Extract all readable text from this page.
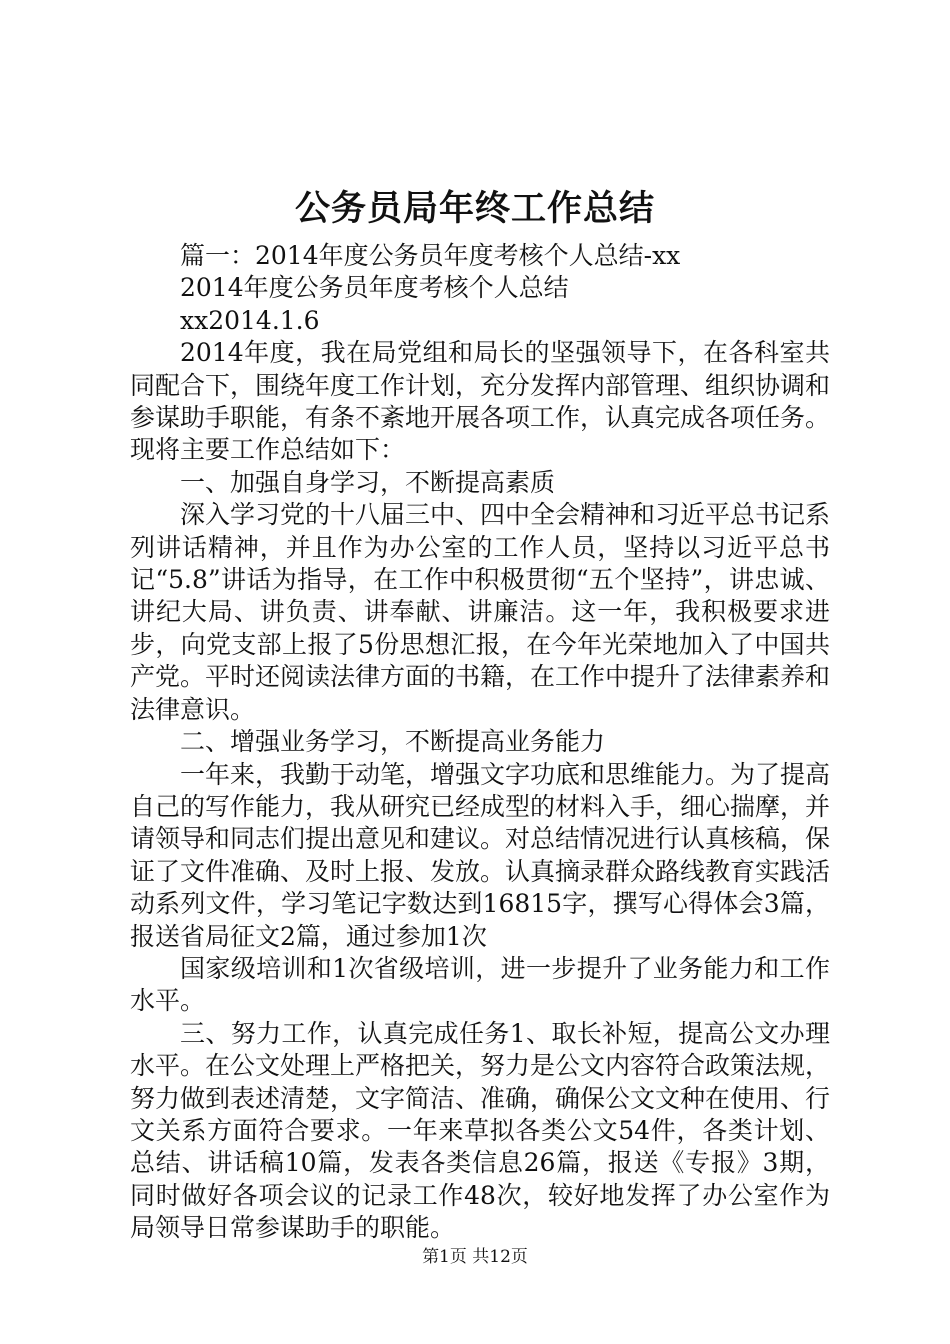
公务员局年终工作总结

篇一：2014年度公务员年度考核个人总结-xx

2014年度公务员年度考核个人总结

xx2014.1.6

2014年度，我在局党组和局长的坚强领导下，在各科室共同配合下，围绕年度工作计划，充分发挥内部管理、组织协调和参谋助手职能，有条不紊地开展各项工作，认真完成各项任务。现将主要工作总结如下：

一、加强自身学习，不断提高素质

深入学习党的十八届三中、四中全会精神和习近平总书记系列讲话精神，并且作为办公室的工作人员，坚持以习近平总书记“5.8”讲话为指导，在工作中积极贯彻“五个坚持”，讲忠诚、讲纪大局、讲负责、讲奉献、讲廉洁。这一年，我积极要求进步，向党支部上报了5份思想汇报，在今年光荣地加入了中国共产党。平时还阅读法律方面的书籍，在工作中提升了法律素养和法律意识。

二、增强业务学习，不断提高业务能力

一年来，我勤于动笔，增强文字功底和思维能力。为了提高自己的写作能力，我从研究已经成型的材料入手，细心揣摩，并请领导和同志们提出意见和建议。对总结情况进行认真核稿，保证了文件准确、及时上报、发放。认真摘录群众路线教育实践活动系列文件，学习笔记字数达到16815字，撰写心得体会3篇，报送省局征文2篇，通过参加1次

国家级培训和1次省级培训，进一步提升了业务能力和工作水平。

三、努力工作，认真完成任务1、取长补短，提高公文办理水平。在公文处理上严格把关，努力是公文内容符合政策法规，努力做到表述清楚，文字简洁、准确，确保公文文种在使用、行文关系方面符合要求。一年来草拟各类公文54件，各类计划、总结、讲话稿10篇，发表各类信息26篇，报送《专报》3期，同时做好各项会议的记录工作48次，较好地发挥了办公室作为局领导日常参谋助手的职能。

第1页 共12页
